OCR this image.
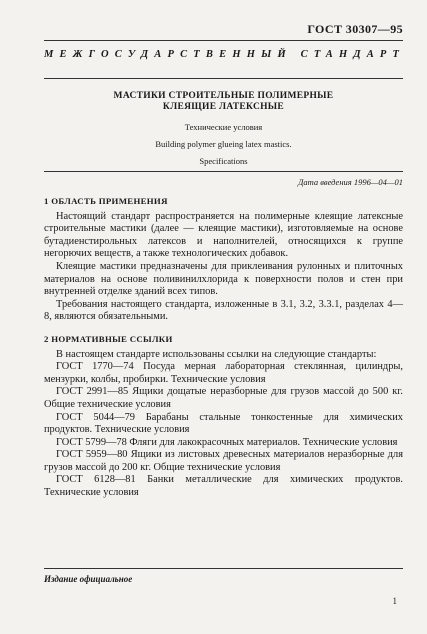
ГОСТ 30307—95
МЕЖГОСУДАРСТВЕННЫЙ СТАНДАРТ
МАСТИКИ СТРОИТЕЛЬНЫЕ ПОЛИМЕРНЫЕ
КЛЕЯЩИЕ ЛАТЕКСНЫЕ
Технические условия
Building polymer glueing latex mastics.
Specifications
Дата введения 1996—04—01
1 ОБЛАСТЬ ПРИМЕНЕНИЯ

Настоящий стандарт распространяется на полимерные клеящие латексные строительные мастики (далее — клеящие мастики), изготовляемые на основе бутадиенстирольных латексов и наполнителей, относящихся к группе негорючих веществ, а также технологических добавок.

Клеящие мастики предназначены для приклеивания рулонных и плиточных материалов на основе поливинилхлорида к поверхности полов и стен при внутренней отделке зданий всех типов.

Требования настоящего стандарта, изложенные в 3.1, 3.2, 3.3.1, разделах 4—8, являются обязательными.

2 НОРМАТИВНЫЕ ССЫЛКИ

В настоящем стандарте использованы ссылки на следующие стандарты:

ГОСТ 1770—74 Посуда мерная лабораторная стеклянная, цилиндры, мензурки, колбы, пробирки. Технические условия

ГОСТ 2991—85 Ящики дощатые неразборные для грузов массой до 500 кг. Общие технические условия

ГОСТ 5044—79 Барабаны стальные тонкостенные для химических продуктов. Технические условия

ГОСТ 5799—78 Фляги для лакокрасочных материалов. Технические условия

ГОСТ 5959—80 Ящики из листовых древесных материалов неразборные для грузов массой до 200 кг. Общие технические условия

ГОСТ 6128—81 Банки металлические для химических продуктов. Технические условия

Издание официальное
1
